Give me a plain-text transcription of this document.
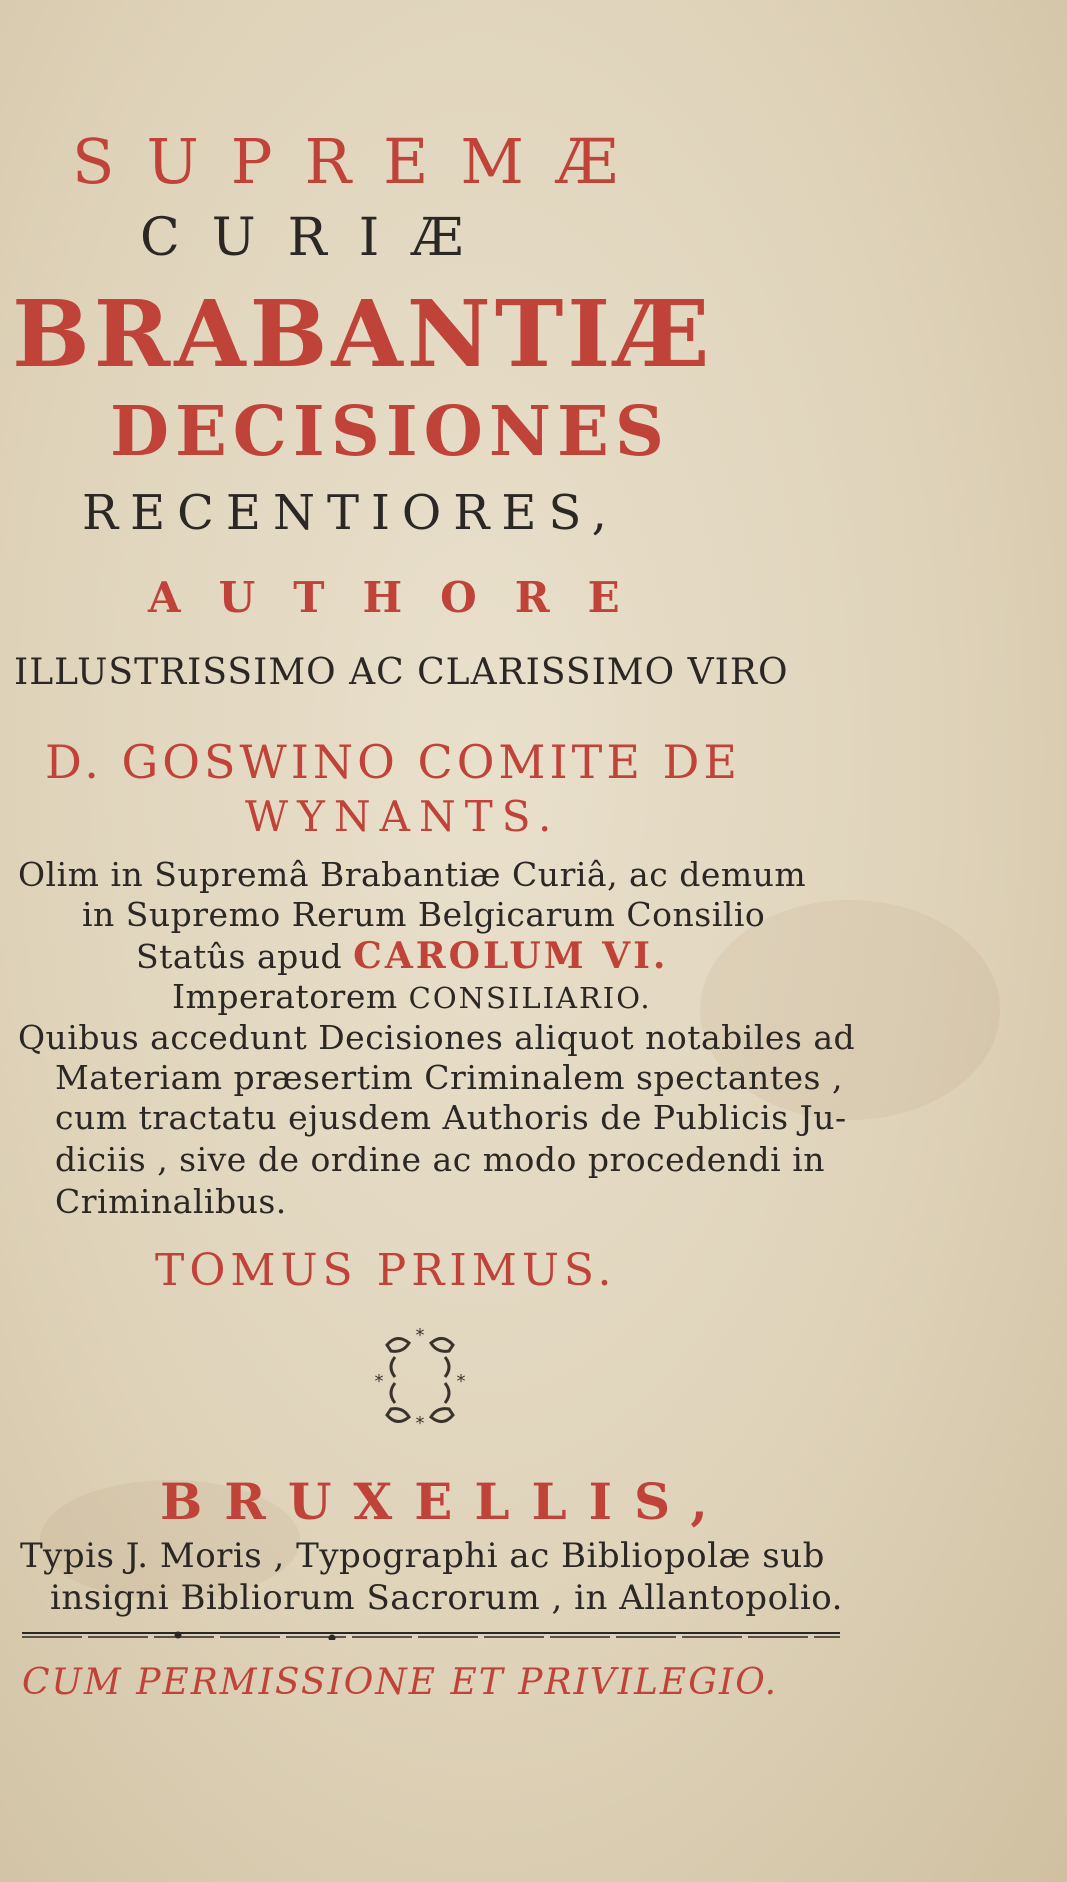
SUPREMÆ
CURIÆ
BRABANTIÆ
DECISIONES
RECENTIORES,
AUTHORE
ILLUSTRISSIMO AC CLARISSIMO VIRO
D. GOSWINO COMITE DE
WYNANTS.
Olim in Supremâ Brabantiæ Curiâ, ac demum
in Supremo Rerum Belgicarum Consilio
Statûs apud CAROLUM VI.
Imperatorem CONSILIARIO.
Quibus accedunt Decisiones aliquot notabiles ad
Materiam præsertim Criminalem spectantes ,
cum tractatu ejusdem Authoris de Publicis Ju-
diciis , sive de ordine ac modo procedendi in
Criminalibus.
TOMUS PRIMUS.
*
*
*	*
BRUXELLIS,
Typis J. Moris , Typographi ac Bibliopolæ sub
insigni Bibliorum Sacrorum , in Allantopolio.
CUM PERMISSIONE ET PRIVILEGIO.
